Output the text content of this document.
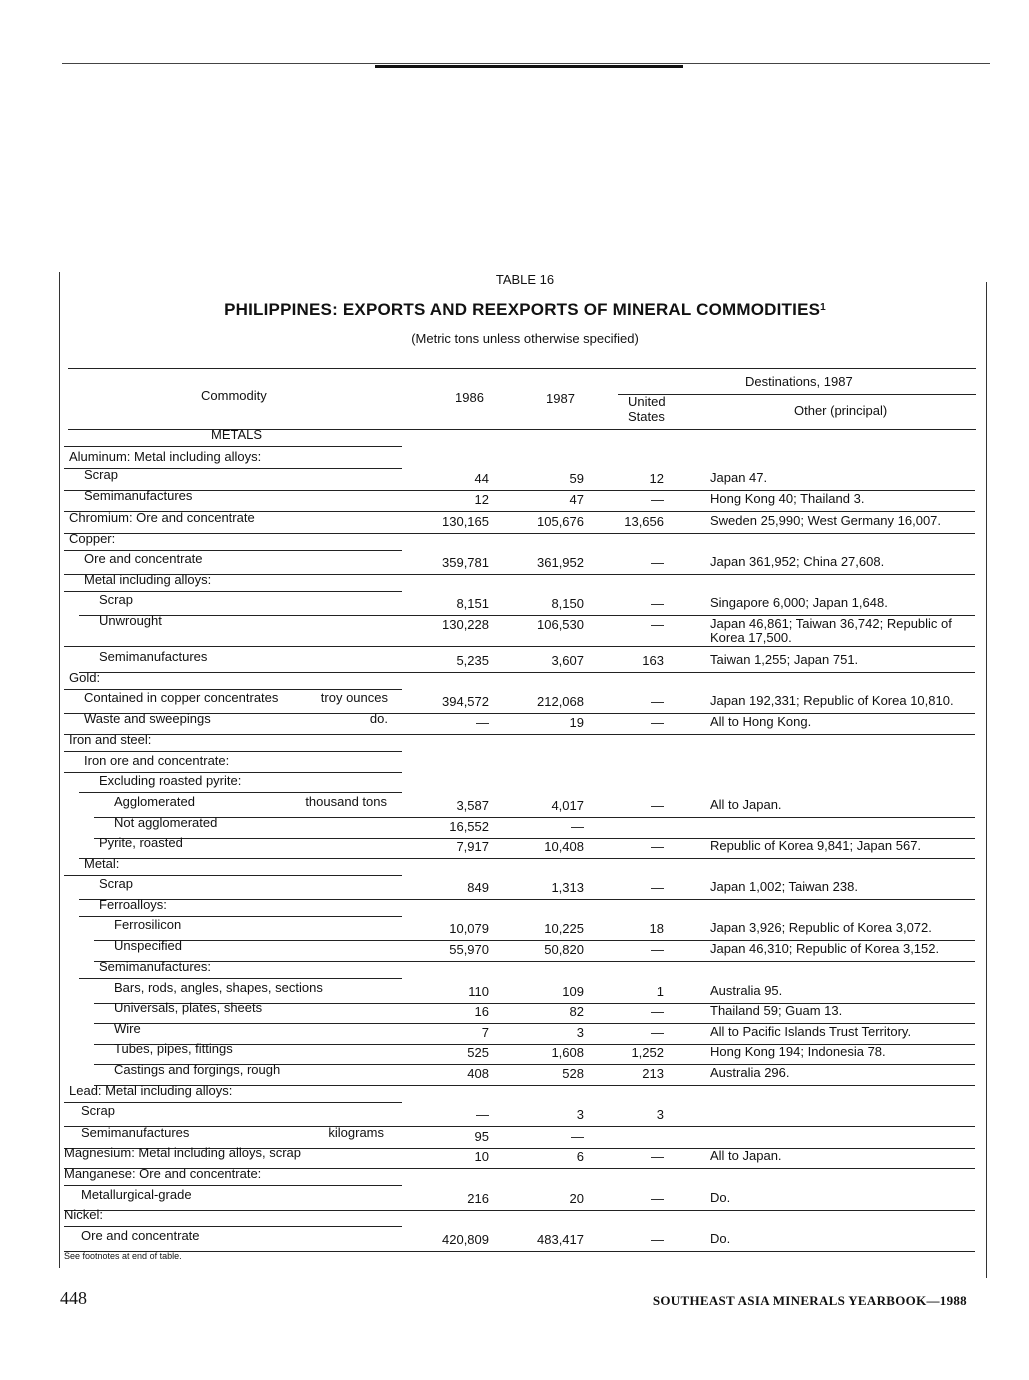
TABLE 16
PHILIPPINES: EXPORTS AND REEXPORTS OF MINERAL COMMODITIES$^1$
(Metric tons unless otherwise specified)
Destinations, 1987
Commodity	1986	1987	United
States	Other (principal)
METALS
Aluminum: Metal including alloys:
Scrap	44	59	12	Japan 47.
Semimanufactures	12	47	—	Hong Kong 40; Thailand 3.
Chromium: Ore and concentrate	130,165	105,676	13,656	Sweden 25,990; West Germany 16,007.
Copper:
Ore and concentrate	359,781	361,952	—	Japan 361,952; China 27,608.
Metal including alloys:
Scrap	8,151	8,150	—	Singapore 6,000; Japan 1,648.
Unwrought	130,228	106,530	—	Japan 46,861; Taiwan 36,742; Republic of Korea 17,500.
Semimanufactures	5,235	3,607	163	Taiwan 1,255; Japan 751.
Gold:
Contained in copper concentrates	troy ounces	394,572	212,068	—	Japan 192,331; Republic of Korea 10,810.
Waste and sweepings	do.	—	19	—	All to Hong Kong.
Iron and steel:
Iron ore and concentrate:
Excluding roasted pyrite:
Agglomerated	thousand tons	3,587	4,017	—	All to Japan.
Not agglomerated	16,552	—
Pyrite, roasted	7,917	10,408	—	Republic of Korea 9,841; Japan 567.
Metal:
Scrap	849	1,313	—	Japan 1,002; Taiwan 238.
Ferroalloys:
Ferrosilicon	10,079	10,225	18	Japan 3,926; Republic of Korea 3,072.
Unspecified	55,970	50,820	—	Japan 46,310; Republic of Korea 3,152.
Semimanufactures:
Bars, rods, angles, shapes, sections	110	109	1	Australia 95.
Universals, plates, sheets	16	82	—	Thailand 59; Guam 13.
Wire	7	3	—	All to Pacific Islands Trust Territory.
Tubes, pipes, fittings	525	1,608	1,252	Hong Kong 194; Indonesia 78.
Castings and forgings, rough	408	528	213	Australia 296.
Lead: Metal including alloys:
Scrap	—	3	3
Semimanufactures	kilograms	95	—
Magnesium: Metal including alloys, scrap	10	6	—	All to Japan.
Manganese: Ore and concentrate:
Metallurgical-grade	216	20	—	Do.
Nickel:
Ore and concentrate	420,809	483,417	—	Do.
See footnotes at end of table.
448	SOUTHEAST ASIA MINERALS YEARBOOK—1988
